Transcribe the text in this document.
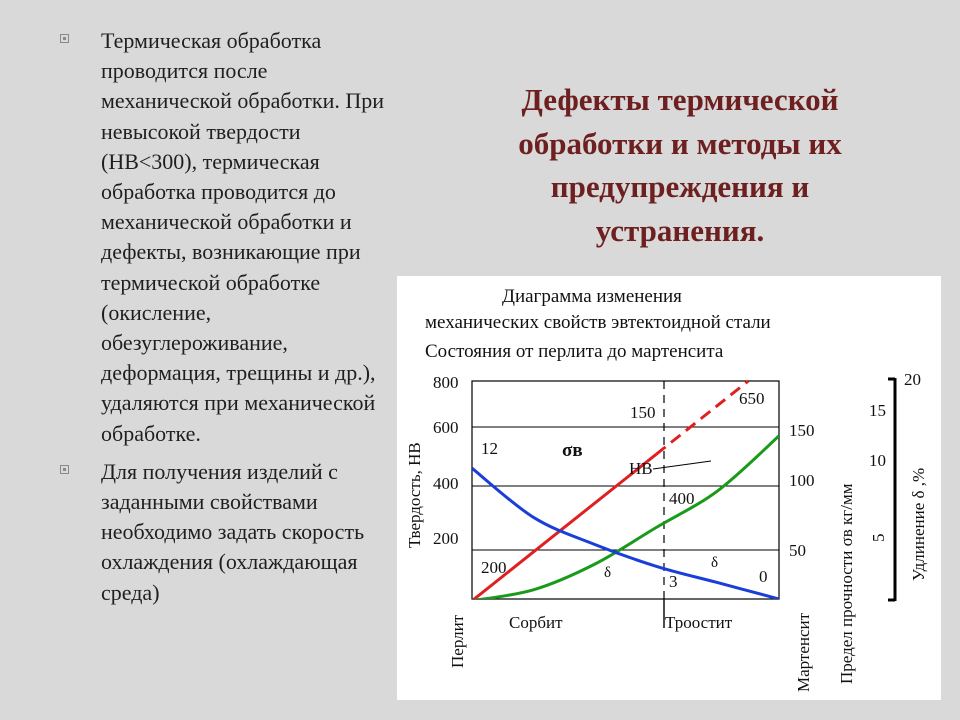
Термическая обработка проводится после механической обработки. При невысокой твердости (НВ<300), термическая обработка проводится до механической обработки и дефекты, возникающие при термической обработке (окисление, обезуглероживание, деформация, трещины и др.), удаляются при механической обработке.
Для получения изделий с заданными свойствами необходимо задать скорость охлаждения (охлаждающая среда)
Дефекты термической обработки и методы их предупреждения и устранения.
Диаграмма изменения
механических свойств эвтектоидной стали
Состояния от перлита до мартенсита
800
600
400
200
Твердость, НВ
150
100
50 Предел прочности σв кг/мм
20
15
10
5 Удлинение δ ,%
Перлит Сорбит	Троостит	Мартенсит
12
150
650
400
200
3	0
σв
НВ
δ
δ
